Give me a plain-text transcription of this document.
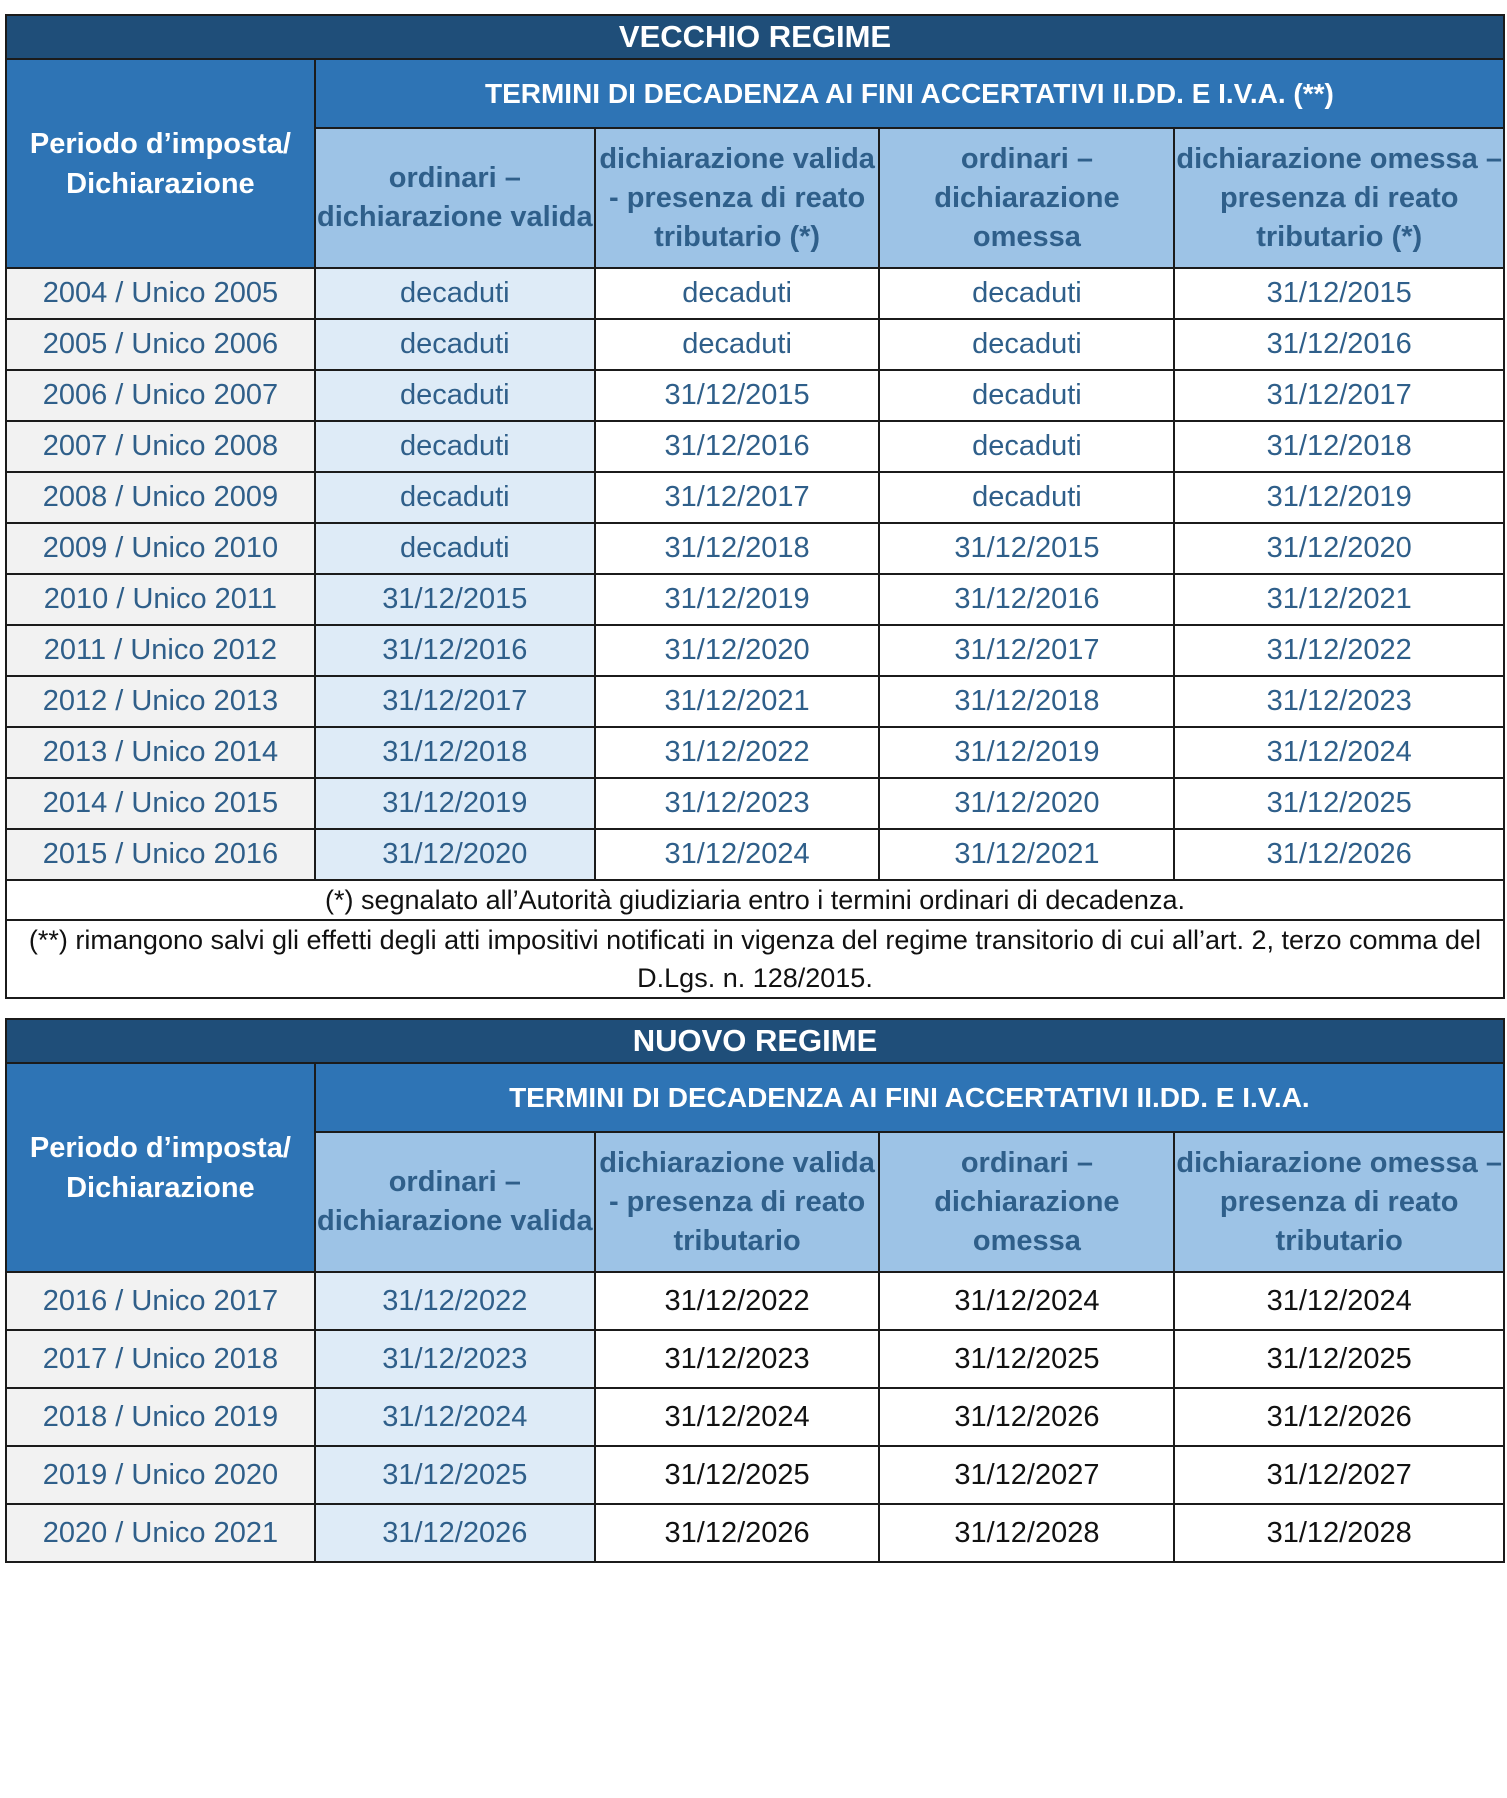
VECCHIO REGIME				
Periodo d’imposta/ Dichiarazione	TERMINI DI DECADENZA AI FINI ACCERTATIVI II.DD. E I.V.A. (**)			
	ordinari – dichiarazione valida	dichiarazione valida - presenza di reato tributario (*)	ordinari – dichiarazione omessa	dichiarazione omessa – presenza di reato tributario (*)
2004 / Unico 2005	decaduti	decaduti	decaduti	31/12/2015
2005 / Unico 2006	decaduti	decaduti	decaduti	31/12/2016
2006 / Unico 2007	decaduti	31/12/2015	decaduti	31/12/2017
2007 / Unico 2008	decaduti	31/12/2016	decaduti	31/12/2018
2008 / Unico 2009	decaduti	31/12/2017	decaduti	31/12/2019
2009 / Unico 2010	decaduti	31/12/2018	31/12/2015	31/12/2020
2010 / Unico 2011	31/12/2015	31/12/2019	31/12/2016	31/12/2021
2011 / Unico 2012	31/12/2016	31/12/2020	31/12/2017	31/12/2022
2012 / Unico 2013	31/12/2017	31/12/2021	31/12/2018	31/12/2023
2013 / Unico 2014	31/12/2018	31/12/2022	31/12/2019	31/12/2024
2014 / Unico 2015	31/12/2019	31/12/2023	31/12/2020	31/12/2025
2015 / Unico 2016	31/12/2020	31/12/2024	31/12/2021	31/12/2026
(*) segnalato all’Autorità giudiziaria entro i termini ordinari di decadenza.				
(**) rimangono salvi gli effetti degli atti impositivi notificati in vigenza del regime transitorio di cui all’art. 2, terzo comma del D.Lgs. n. 128/2015.				
NUOVO REGIME				
Periodo d’imposta/ Dichiarazione	TERMINI DI DECADENZA AI FINI ACCERTATIVI II.DD. E I.V.A.			
	ordinari – dichiarazione valida	dichiarazione valida - presenza di reato tributario	ordinari – dichiarazione omessa	dichiarazione omessa – presenza di reato tributario
2016 / Unico 2017	31/12/2022	31/12/2022	31/12/2024	31/12/2024
2017 / Unico 2018	31/12/2023	31/12/2023	31/12/2025	31/12/2025
2018 / Unico 2019	31/12/2024	31/12/2024	31/12/2026	31/12/2026
2019 / Unico 2020	31/12/2025	31/12/2025	31/12/2027	31/12/2027
2020 / Unico 2021	31/12/2026	31/12/2026	31/12/2028	31/12/2028
